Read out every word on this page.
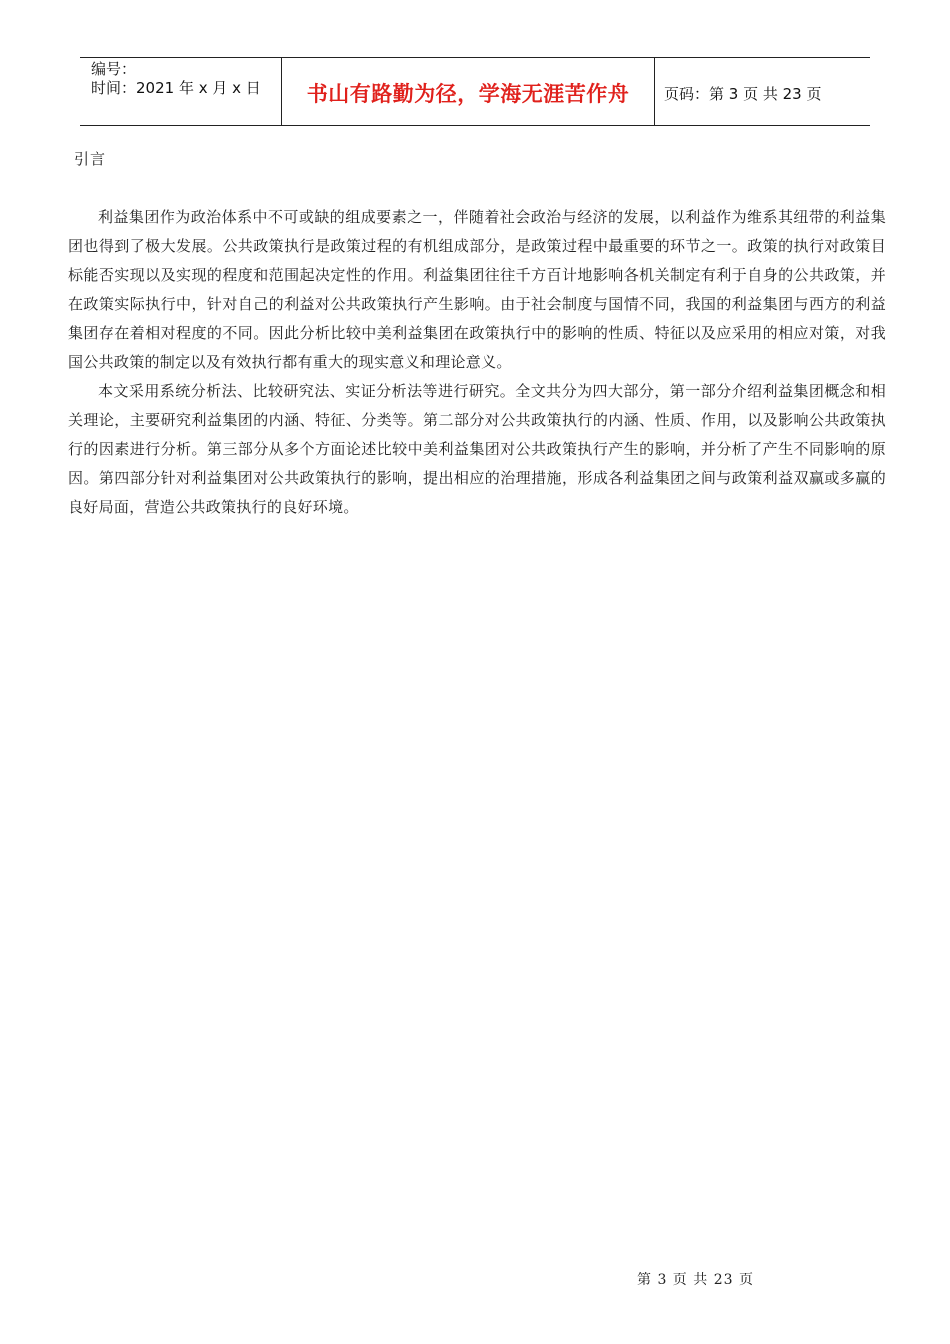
编号：
时间：2021 年 x 月 x 日	书山有路勤为径，学海无涯苦作舟	页码：第 3 页 共 23 页
引言

利益集团作为政治体系中不可或缺的组成要素之一，伴随着社会政治与经济的发展，以利益作为维系其纽带的利益集团也得到了极大发展。公共政策执行是政策过程的有机组成部分，是政策过程中最重要的环节之一。政策的执行对政策目标能否实现以及实现的程度和范围起决定性的作用。利益集团往往千方百计地影响各机关制定有利于自身的公共政策，并在政策实际执行中，针对自己的利益对公共政策执行产生影响。由于社会制度与国情不同，我国的利益集团与西方的利益集团存在着相对程度的不同。因此分析比较中美利益集团在政策执行中的影响的性质、特征以及应采用的相应对策，对我国公共政策的制定以及有效执行都有重大的现实意义和理论意义。

本文采用系统分析法、比较研究法、实证分析法等进行研究。全文共分为四大部分，第一部分介绍利益集团概念和相关理论，主要研究利益集团的内涵、特征、分类等。第二部分对公共政策执行的内涵、性质、作用，以及影响公共政策执行的因素进行分析。第三部分从多个方面论述比较中美利益集团对公共政策执行产生的影响，并分析了产生不同影响的原因。第四部分针对利益集团对公共政策执行的影响，提出相应的治理措施，形成各利益集团之间与政策利益双赢或多赢的良好局面，营造公共政策执行的良好环境。

第 3 页 共 23 页
